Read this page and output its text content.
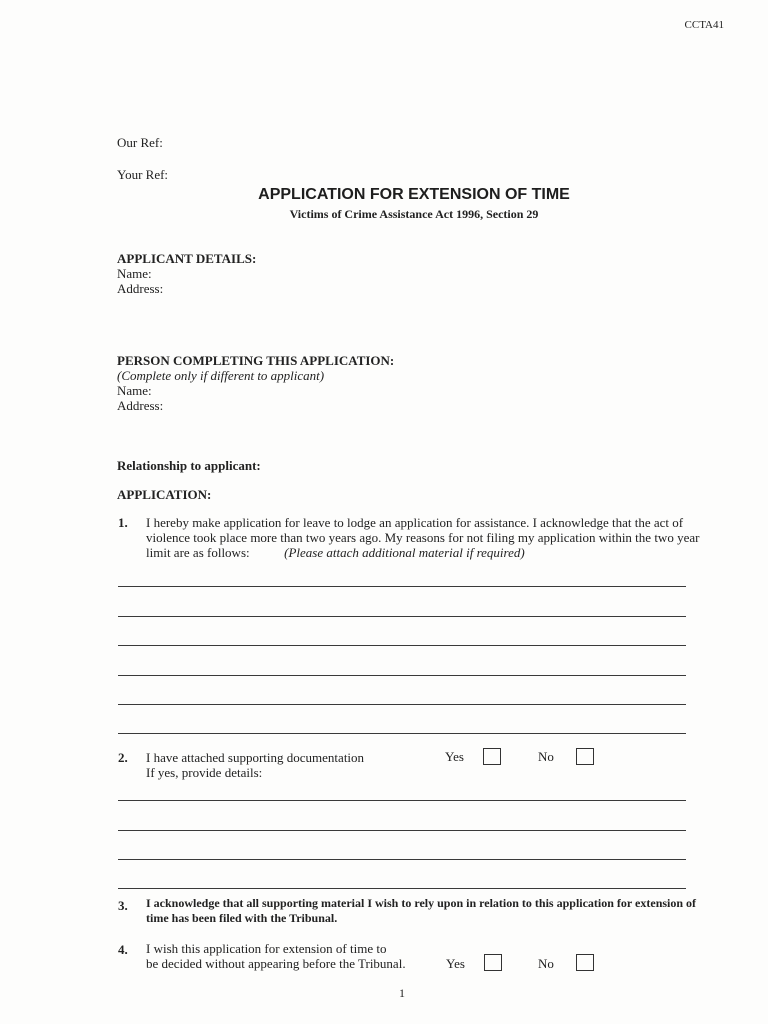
CCTA41
Our Ref:
Your Ref:
APPLICATION FOR EXTENSION OF TIME
Victims of Crime Assistance Act 1996, Section 29
APPLICANT DETAILS:
Name:
Address:
PERSON COMPLETING THIS APPLICATION:
(Complete only if different to applicant)
Name:
Address:
Relationship to applicant:
APPLICATION:
1. I hereby make application for leave to lodge an application for assistance. I acknowledge that the act of violence took place more than two years ago. My reasons for not filing my application within the two year limit are as follows:	(Please attach additional material if required)
2. I have attached supporting documentation
If yes, provide details:
Yes	No
3. I acknowledge that all supporting material I wish to rely upon in relation to this application for extension of time has been filed with the Tribunal.
4. I wish this application for extension of time to
be decided without appearing before the Tribunal.	Yes	No
1
